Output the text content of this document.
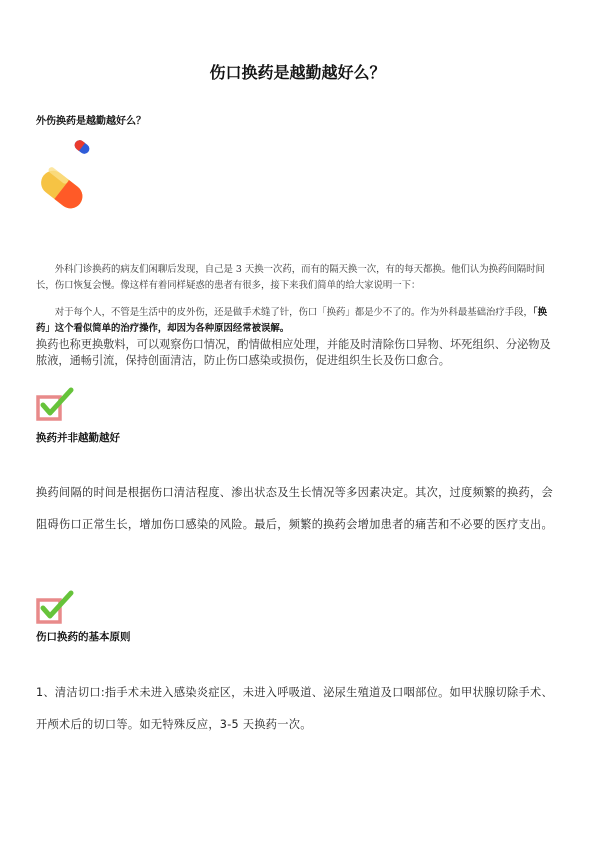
伤口换药是越勤越好么？
外伤换药是越勤越好么？
外科门诊换药的病友们闲聊后发现，自己是 3 天换一次药，而有的隔天换一次，有的每天都换。他们认为换药间隔时间长，伤口恢复会慢。像这样有着同样疑惑的患者有很多，接下来我们简单的给大家说明一下：
对于每个人，不管是生活中的皮外伤，还是做手术缝了针，伤口「换药」都是少不了的。作为外科最基础治疗手段，「换药」这个看似简单的治疗操作，却因为各种原因经常被误解。
换药也称更换敷料，可以观察伤口情况，酌情做相应处理，并能及时清除伤口异物、坏死组织、分泌物及脓液，通畅引流，保持创面清洁，防止伤口感染或损伤，促进组织生长及伤口愈合。
换药并非越勤越好
换药间隔的时间是根据伤口清洁程度、渗出状态及生长情况等多因素决定。其次，过度频繁的换药，会阻碍伤口正常生长，增加伤口感染的风险。最后，频繁的换药会增加患者的痛苦和不必要的医疗支出。
伤口换药的基本原则
1、清洁切口:指手术未进入感染炎症区，未进入呼吸道、泌尿生殖道及口咽部位。如甲状腺切除手术、开颅术后的切口等。如无特殊反应，3-5 天换药一次。
